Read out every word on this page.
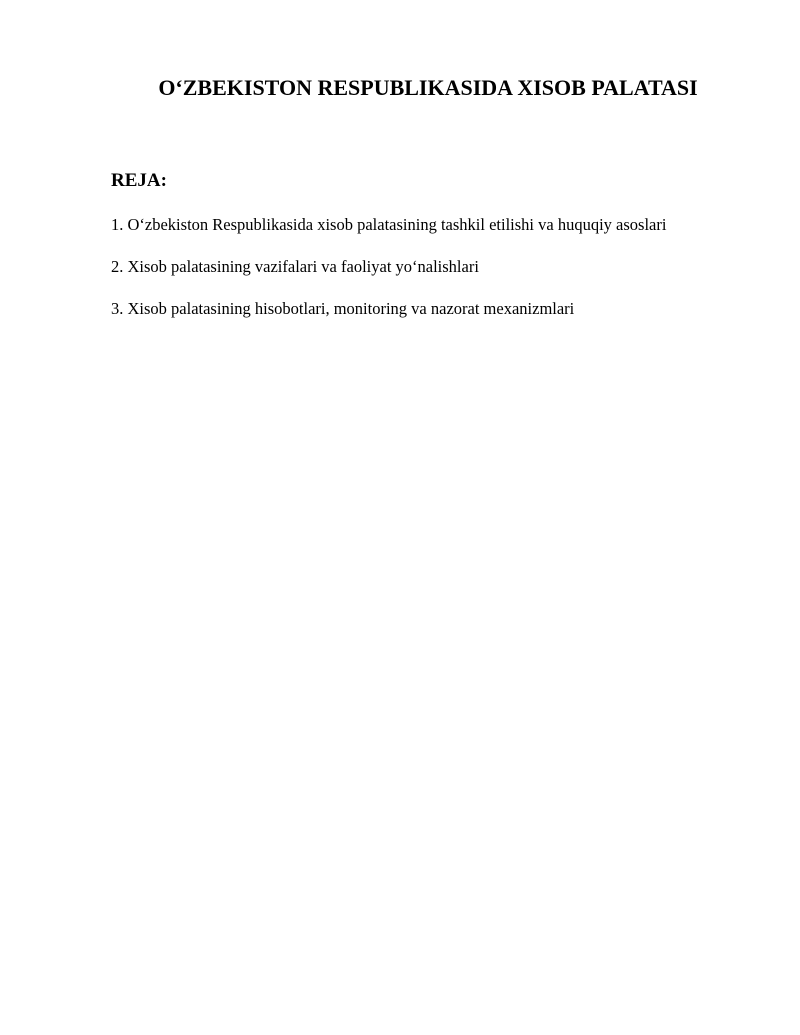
O‘ZBEKISTON RESPUBLIKASIDA XISOB PALATASI
REJA:
1. O‘zbekiston Respublikasida xisob palatasining tashkil etilishi va huquqiy asoslari
2. Xisob palatasining vazifalari va faoliyat yo‘nalishlari
3. Xisob palatasining hisobotlari, monitoring va nazorat mexanizmlari
